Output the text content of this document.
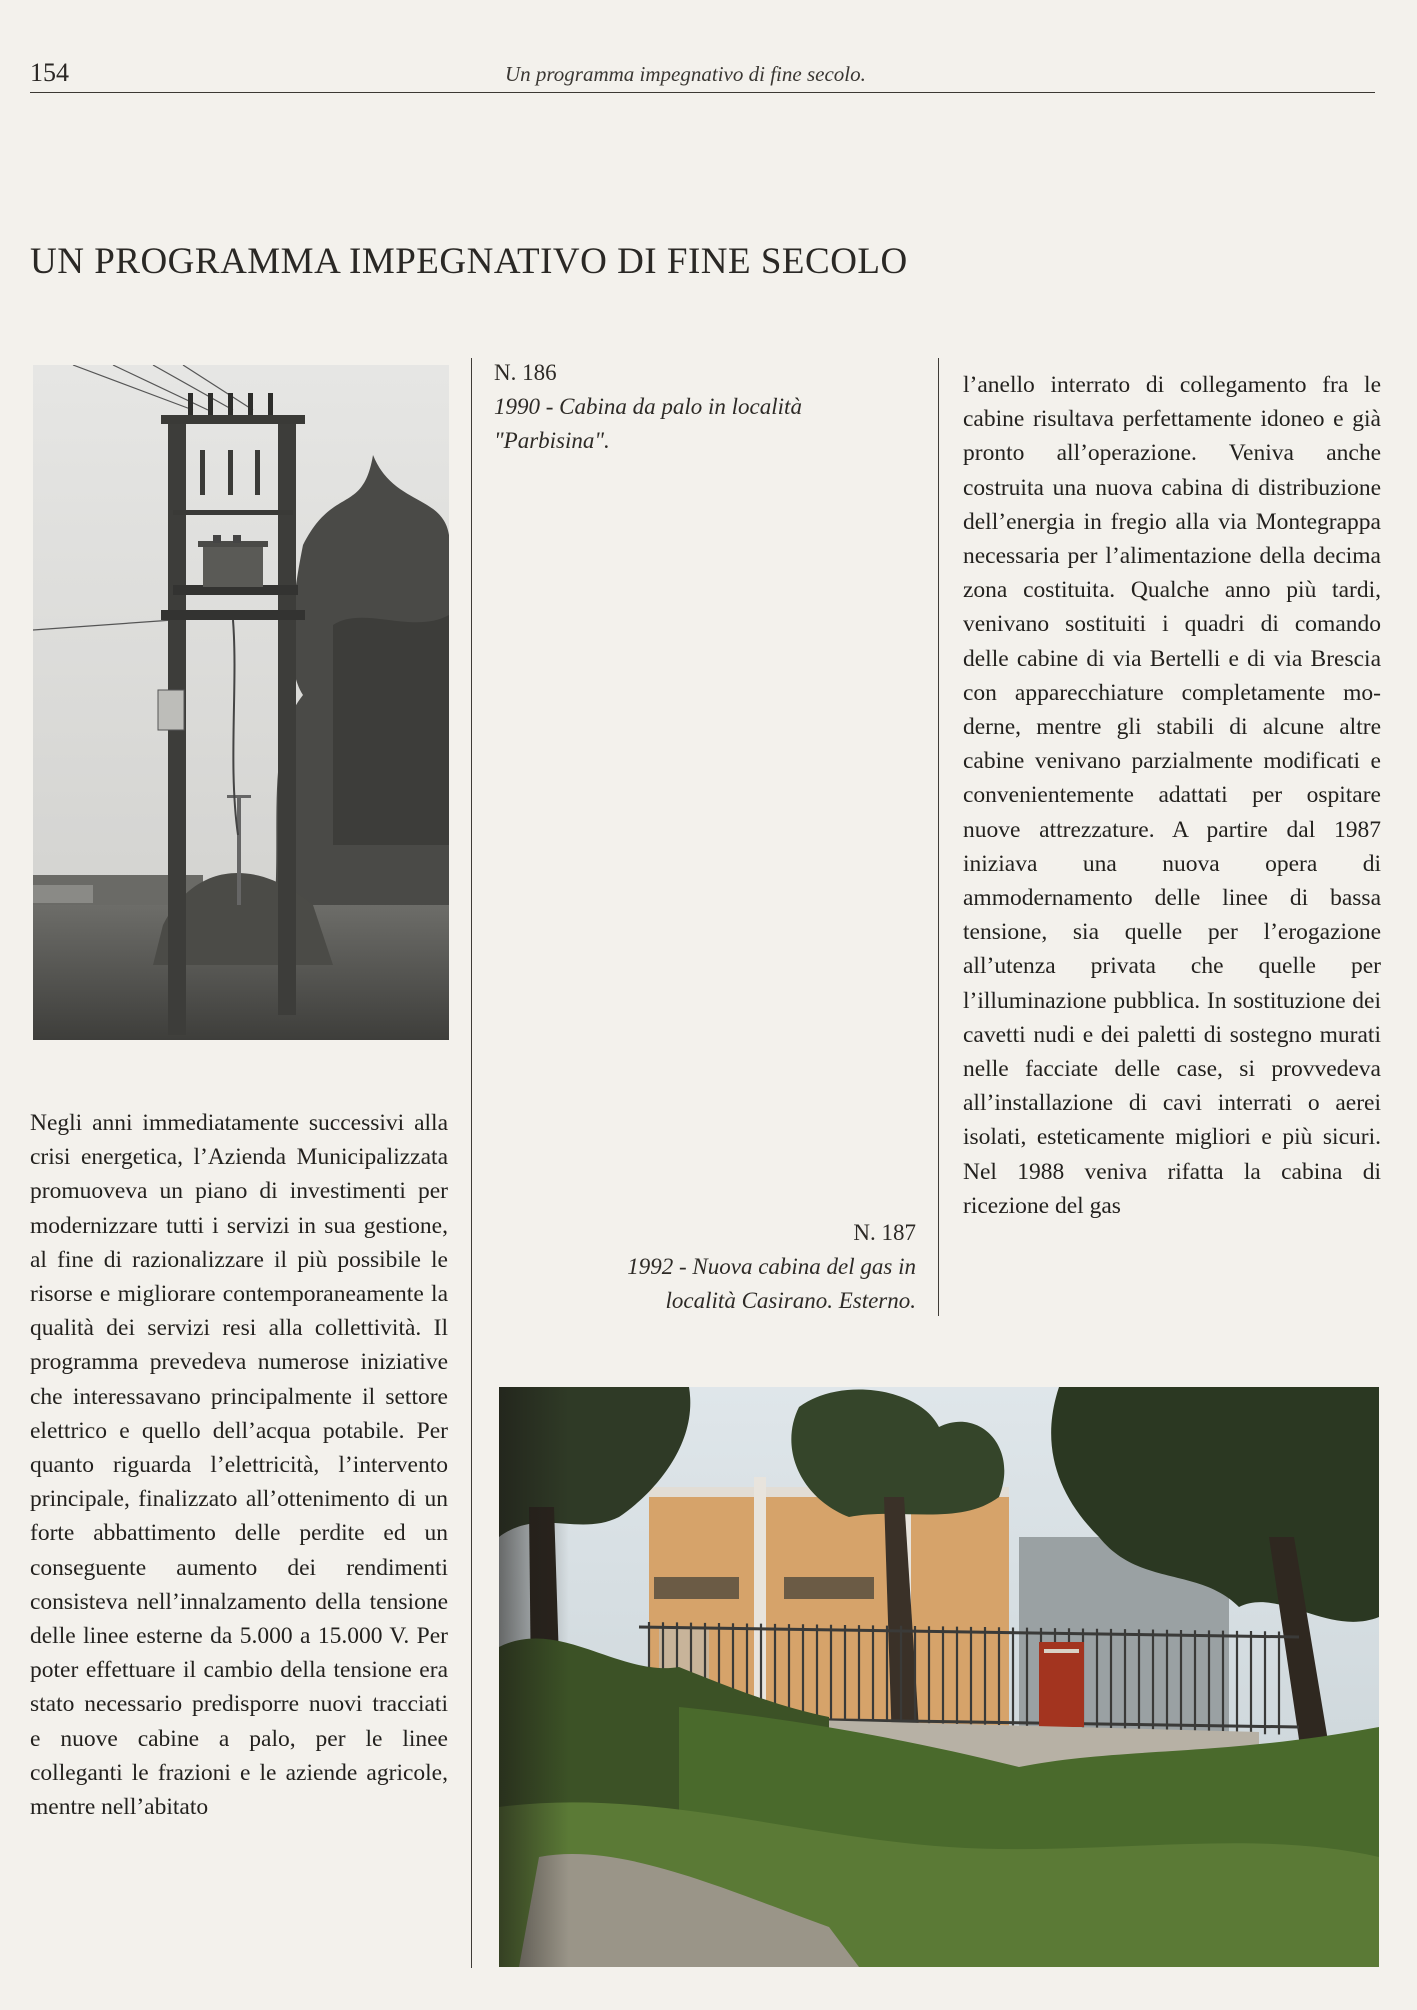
154	Un programma impegnativo di fine secolo.
UN PROGRAMMA IMPEGNATIVO DI FINE SECOLO
N. 186
1990 - Cabina da palo in località "Parbisina".
N. 187
1992 - Nuova cabina del gas in località Casirano. Esterno.
Negli anni immediatamente successivi alla crisi energetica, l’Azienda Municipalizzata promuoveva un piano di investimenti per modernizzare tutti i servizi in sua gestione, al fine di razionalizzare il più possibile le risorse e migliorare contemporaneamente la qualità dei servizi resi alla collettività. Il programma prevedeva numerose iniziative che interessavano principalmente il settore elettrico e quello dell’acqua potabile. Per quanto riguarda l’elettricità, l’intervento principale, finalizzato all’ottenimento di un forte abbattimento delle perdite ed un conseguente aumento dei rendimenti consisteva nell’innalzamento della tensione delle linee esterne da 5.000 a 15.000 V. Per poter effettuare il cambio della tensione era stato necessario predisporre nuovi tracciati e nuove cabine a palo, per le linee colleganti le frazioni e le aziende agricole, mentre nell’abitato
l’anello interrato di collegamento fra le cabine risultava perfettamente idoneo e già pronto all’operazione. Veniva anche costruita una nuova cabina di distribuzione dell’energia in fregio alla via Montegrappa necessaria per l’alimentazione della decima zona costituita. Qualche anno più tardi, venivano sostituiti i quadri di comando delle cabine di via Bertelli e di via Brescia con apparecchiature completamente moderne, mentre gli stabili di alcune altre cabine venivano parzialmente modificati e convenientemente adattati per ospitare nuove attrezzature. A partire dal 1987 iniziava una nuova opera di ammodernamento delle linee di bassa tensione, sia quelle per l’erogazione all’utenza privata che quelle per l’illuminazione pubblica. In sostituzione dei cavetti nudi e dei paletti di sostegno murati nelle facciate delle case, si provvedeva all’installazione di cavi interrati o aerei isolati, esteticamente migliori e più sicuri. Nel 1988 veniva rifatta la cabina di ricezione del gas
